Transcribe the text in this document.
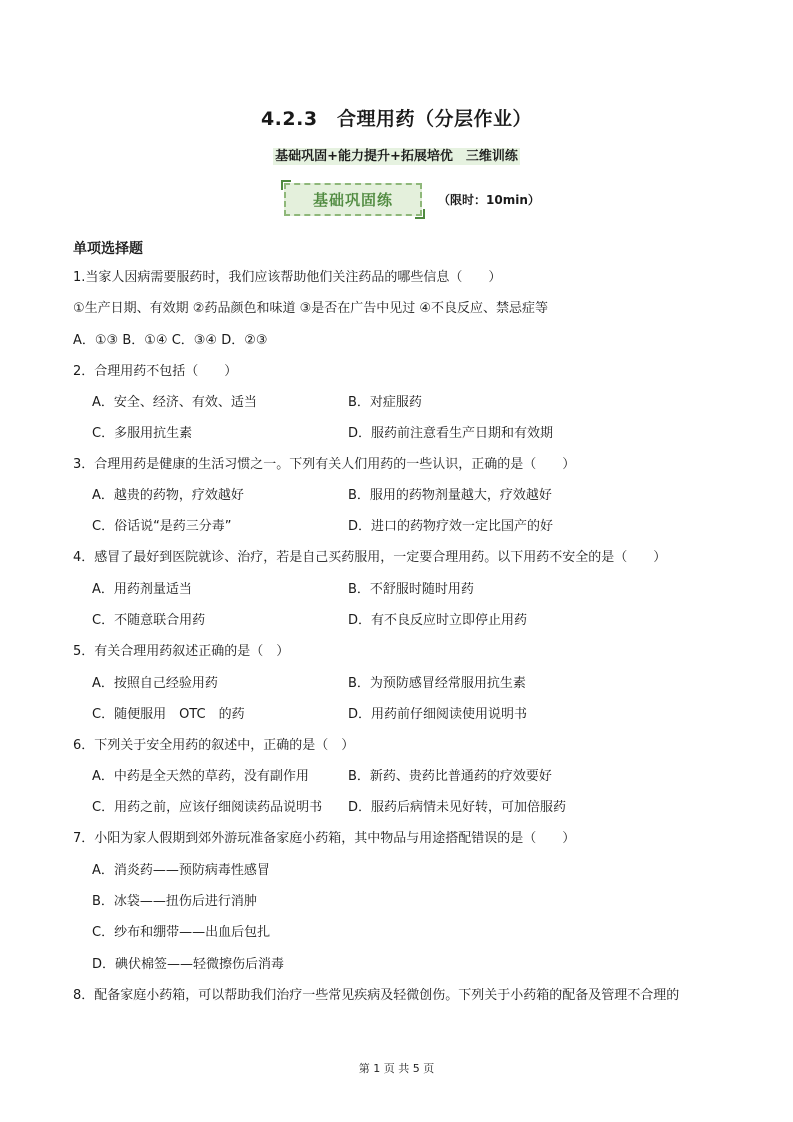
4.2.3　合理用药（分层作业）
基础巩固+能力提升+拓展培优　三维训练
基础巩固练	（限时：10min）
单项选择题
1.当家人因病需要服药时，我们应该帮助他们关注药品的哪些信息（　　）
①生产日期、有效期 ②药品颜色和味道 ③是否在广告中见过 ④不良反应、禁忌症等
A．①③ B．①④ C．③④ D．②③
2．合理用药不包括（　　）
A．安全、经济、有效、适当	B．对症服药
C．多服用抗生素	D．服药前注意看生产日期和有效期
3．合理用药是健康的生活习惯之一。下列有关人们用药的一些认识，正确的是（　　）
A．越贵的药物，疗效越好	B．服用的药物剂量越大，疗效越好
C．俗话说“是药三分毒”	D．进口的药物疗效一定比国产的好
4．感冒了最好到医院就诊、治疗，若是自己买药服用，一定要合理用药。以下用药不安全的是（　　）
A．用药剂量适当	B．不舒服时随时用药
C．不随意联合用药	D．有不良反应时立即停止用药
5．有关合理用药叙述正确的是（　）
A．按照自己经验用药	B．为预防感冒经常服用抗生素
C．随便服用　OTC　的药	D．用药前仔细阅读使用说明书
6．下列关于安全用药的叙述中，正确的是（　）
A．中药是全天然的草药，没有副作用	B．新药、贵药比普通药的疗效要好
C．用药之前，应该仔细阅读药品说明书 D．服药后病情未见好转，可加倍服药
7．小阳为家人假期到郊外游玩准备家庭小药箱，其中物品与用途搭配错误的是（　　）
A．消炎药——预防病毒性感冒
B．冰袋——扭伤后进行消肿
C．纱布和绷带——出血后包扎
D．碘伏棉签——轻微擦伤后消毒
8．配备家庭小药箱，可以帮助我们治疗一些常见疾病及轻微创伤。下列关于小药箱的配备及管理不合理的
第 1 页 共 5 页
